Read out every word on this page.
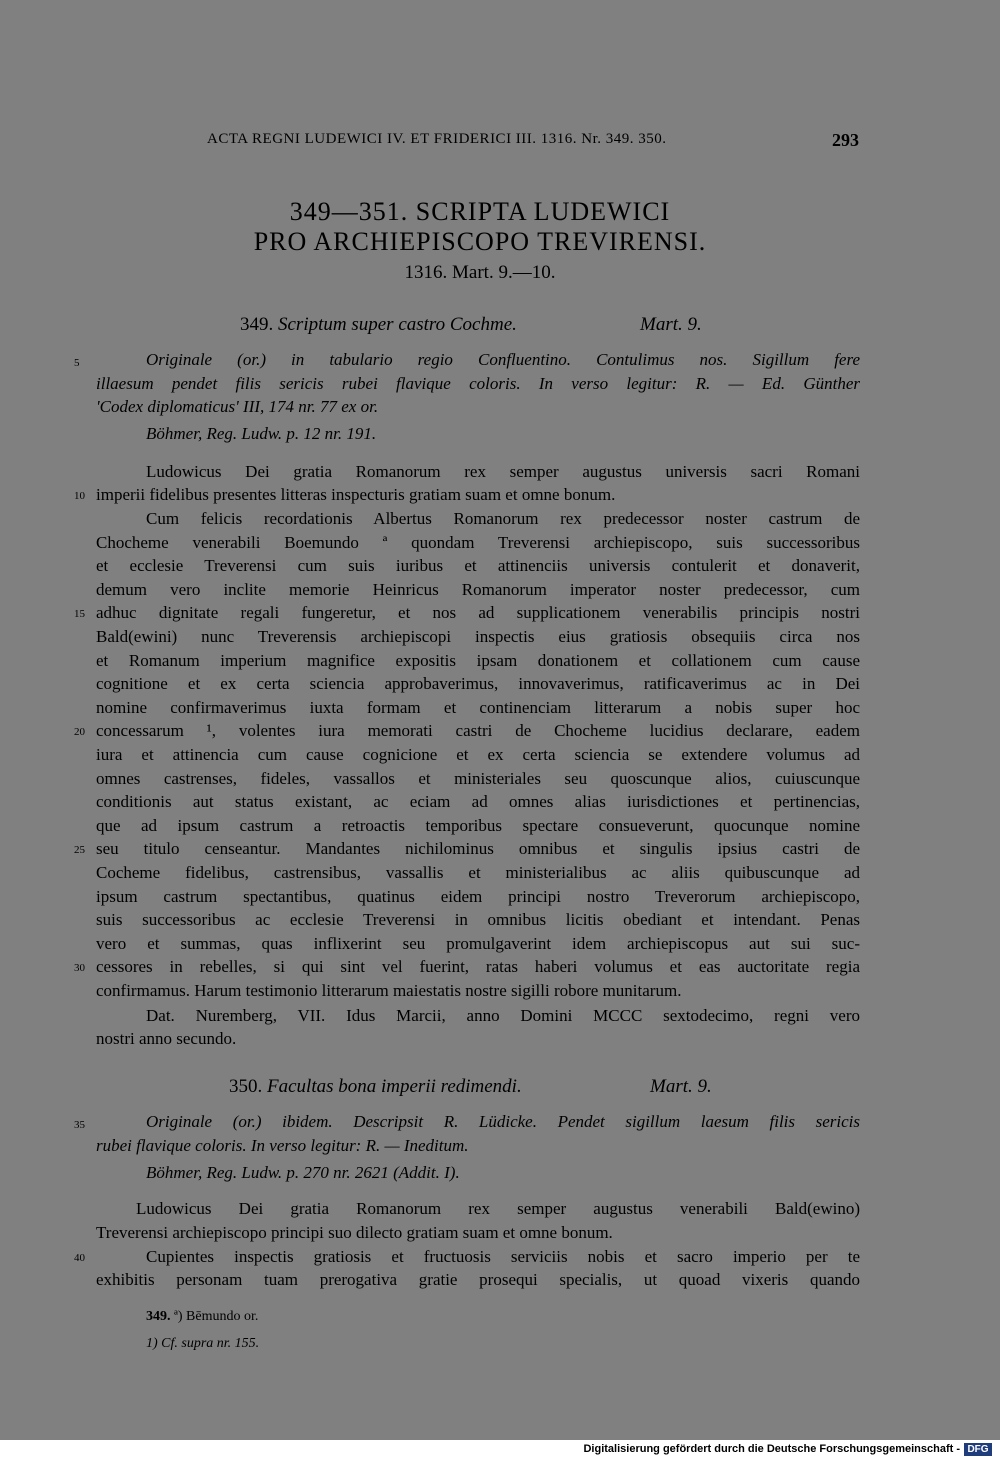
ACTA REGNI LUDEWICI IV. ET FRIDERICI III. 1316. Nr. 349. 350.	293
349—351. SCRIPTA LUDEWICI
PRO ARCHIEPISCOPO TREVIRENSI.
1316. Mart. 9.—10.
349. Scriptum super castro Cochme.	Mart. 9.
5	Originale (or.) in tabulario regio Confluentino. Contulimus nos. Sigillum fere
illaesum pendet filis sericis rubei flavique coloris. In verso legitur: R. — Ed. Günther
'Codex diplomaticus' III, 174 nr. 77 ex or.
Böhmer, Reg. Ludw. p. 12 nr. 191.
Ludowicus Dei gratia Romanorum rex semper augustus universis sacri Romani
10 imperii fidelibus presentes litteras inspecturis gratiam suam et omne bonum.
Cum felicis recordationis Albertus Romanorum rex predecessor noster castrum de
Chocheme venerabili Boemundo ª quondam Treverensi archiepiscopo, suis successoribus
et ecclesie Treverensi cum suis iuribus et attinenciis universis contulerit et donaverit,
demum vero inclite memorie Heinricus Romanorum imperator noster predecessor, cum
15 adhuc dignitate regali fungeretur, et nos ad supplicationem venerabilis principis nostri
Bald(ewini) nunc Treverensis archiepiscopi inspectis eius gratiosis obsequiis circa nos
et Romanum imperium magnifice expositis ipsam donationem et collationem cum cause
cognitione et ex certa sciencia approbaverimus, innovaverimus, ratificaverimus ac in Dei
nomine confirmaverimus iuxta formam et continenciam litterarum a nobis super hoc
20 concessarum ¹, volentes iura memorati castri de Chocheme lucidius declarare, eadem
iura et attinencia cum cause cognicione et ex certa sciencia se extendere volumus ad
omnes castrenses, fideles, vassallos et ministeriales seu quoscunque alios, cuiuscunque
conditionis aut status existant, ac eciam ad omnes alias iurisdictiones et pertinencias,
que ad ipsum castrum a retroactis temporibus spectare consueverunt, quocunque nomine
25 seu titulo censeantur. Mandantes nichilominus omnibus et singulis ipsius castri de
Cocheme fidelibus, castrensibus, vassallis et ministerialibus ac aliis quibuscunque ad
ipsum castrum spectantibus, quatinus eidem principi nostro Treverorum archiepiscopo,
suis successoribus ac ecclesie Treverensi in omnibus licitis obediant et intendant. Penas
vero et summas, quas inflixerint seu promulgaverint idem archiepiscopus aut sui suc-
30 cessores in rebelles, si qui sint vel fuerint, ratas haberi volumus et eas auctoritate regia
confirmamus. Harum testimonio litterarum maiestatis nostre sigilli robore munitarum.
Dat. Nuremberg, VII. Idus Marcii, anno Domini MCCC sextodecimo, regni vero
nostri anno secundo.
350. Facultas bona imperii redimendi.	Mart. 9.
35	Originale (or.) ibidem. Descripsit R. Lüdicke. Pendet sigillum laesum filis sericis
rubei flavique coloris. In verso legitur: R. — Ineditum.
Böhmer, Reg. Ludw. p. 270 nr. 2621 (Addit. I).
Ludowicus Dei gratia Romanorum rex semper augustus venerabili Bald(ewino)
Treverensi archiepiscopo principi suo dilecto gratiam suam et omne bonum.
40	Cupientes inspectis gratiosis et fructuosis serviciis nobis et sacro imperio per te
exhibitis personam tuam prerogativa gratie prosequi specialis, ut quoad vixeris quando
349. ª) Bēmundo or.
1) Cf. supra nr. 155.
Digitalisierung gefördert durch die Deutsche Forschungsgemeinschaft - DFG
